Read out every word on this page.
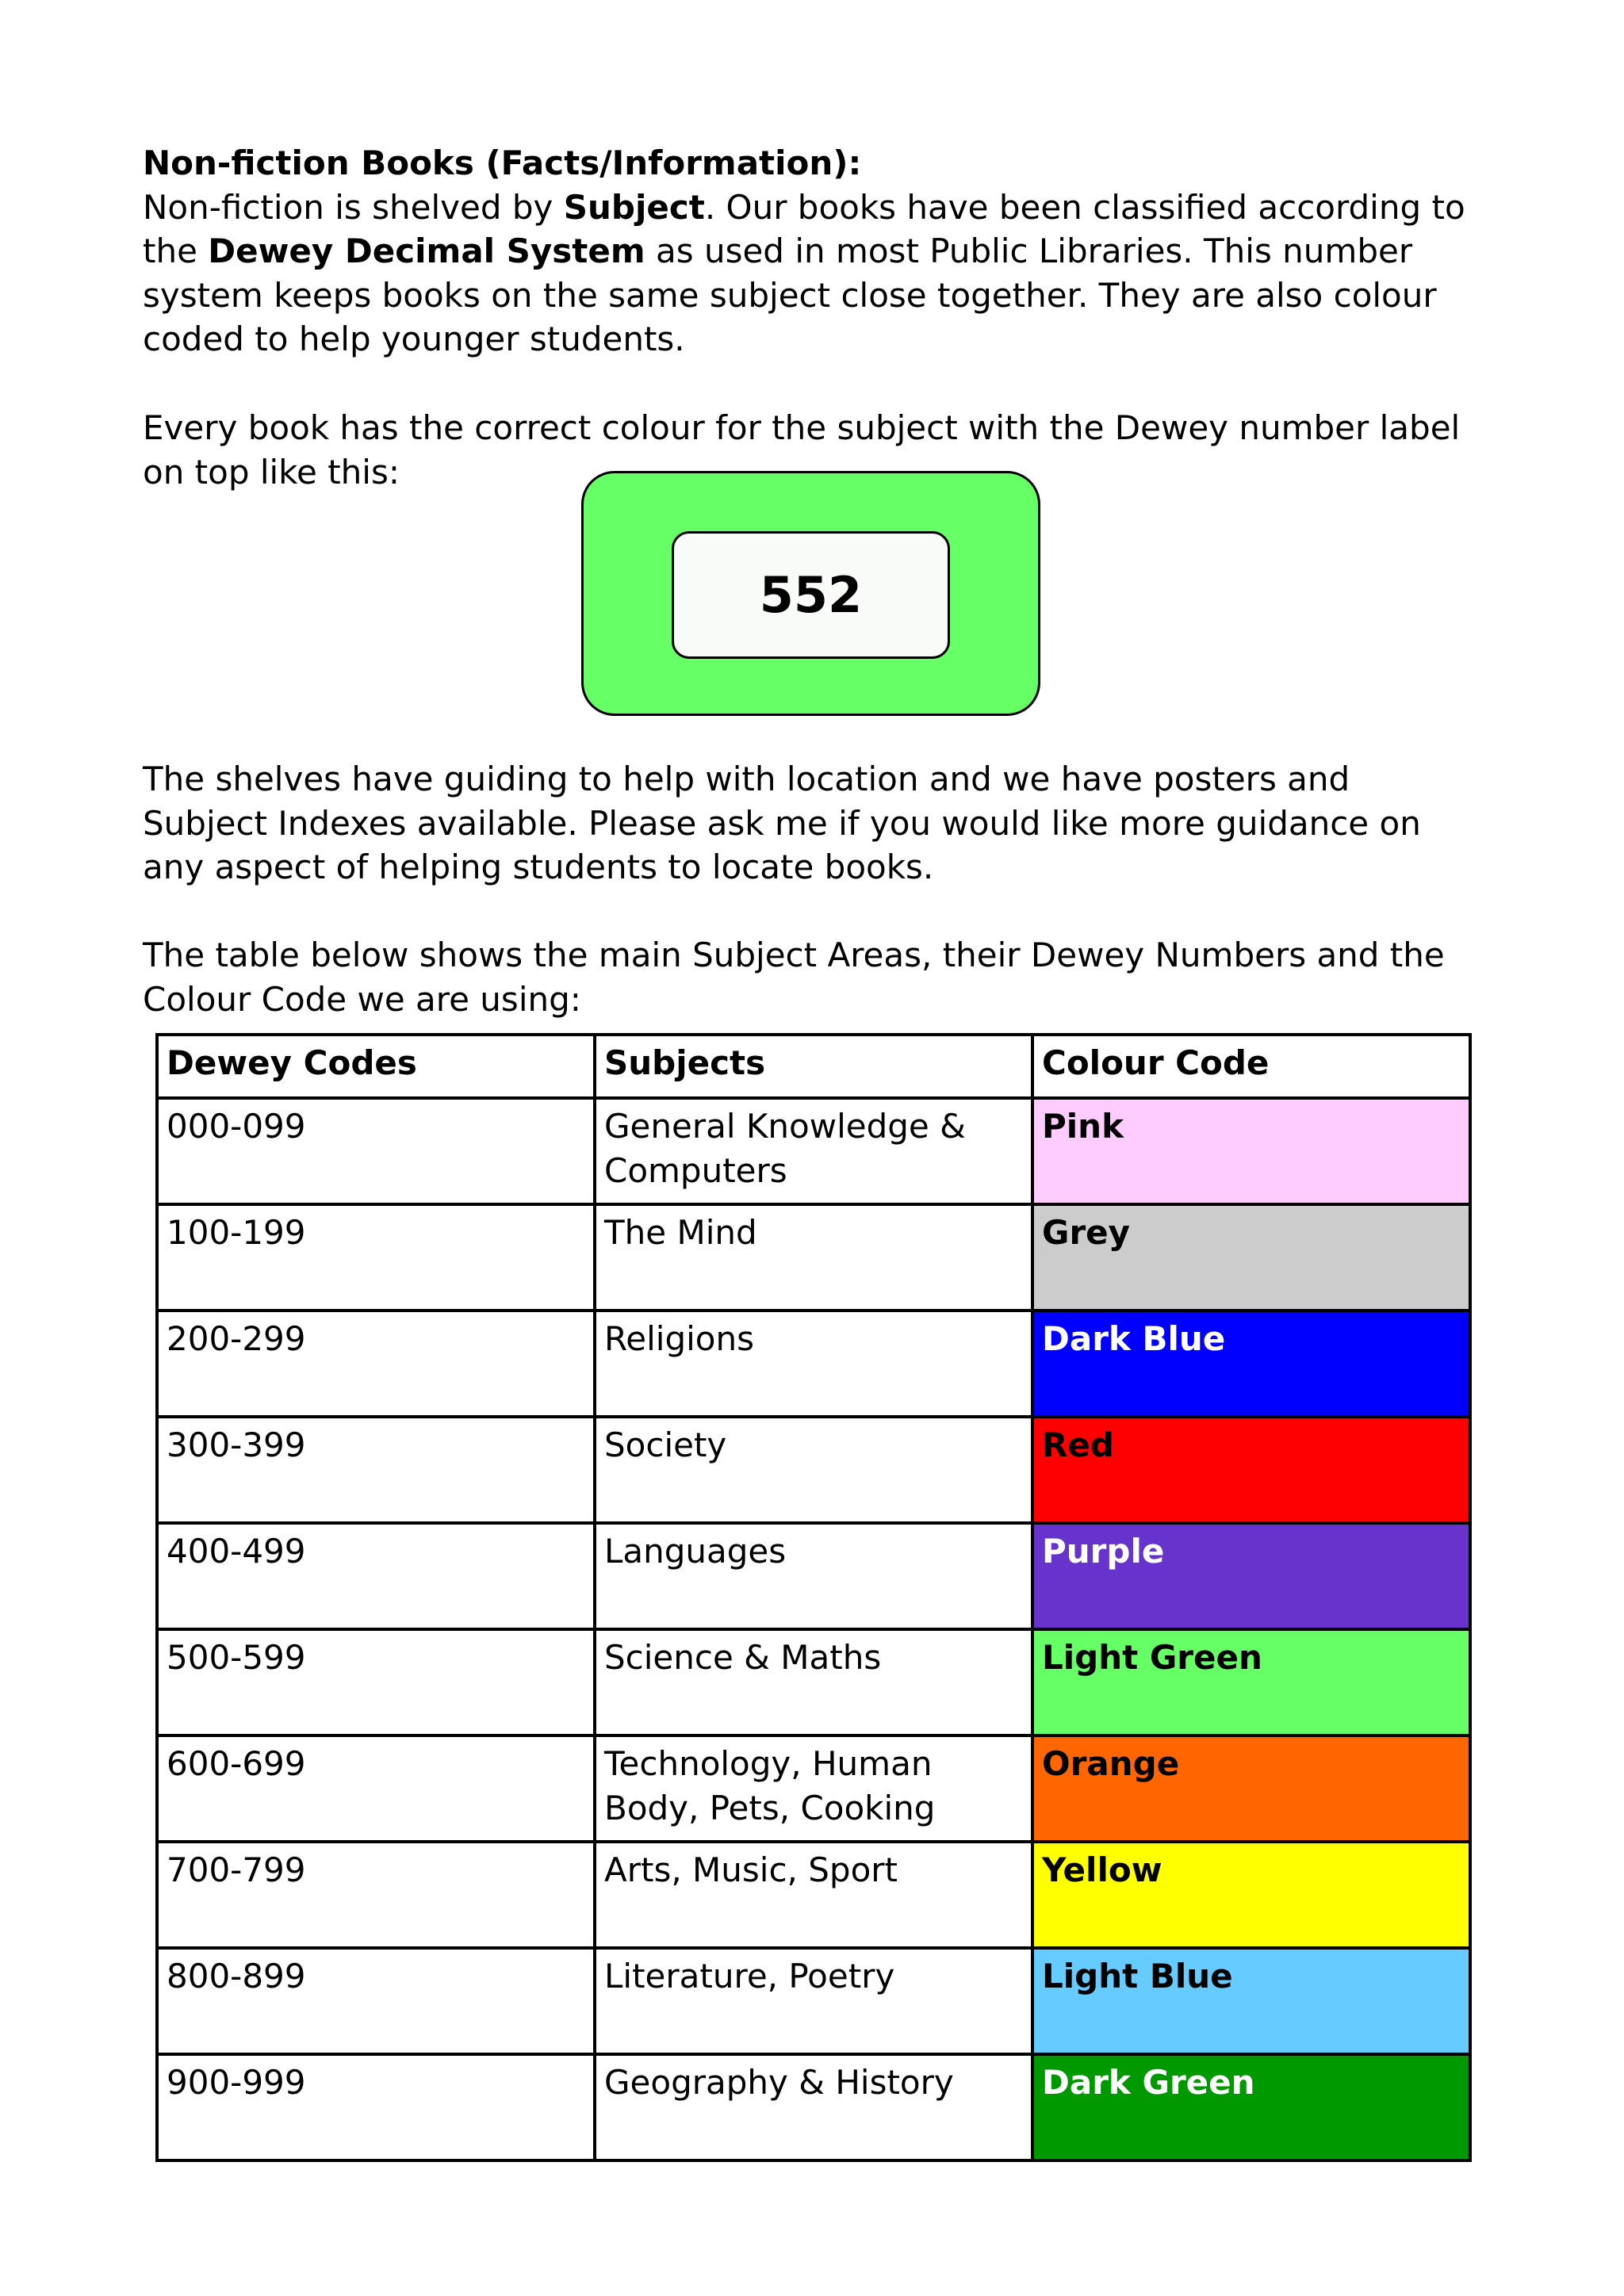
Non-fiction Books (Facts/Information):
Non-fiction is shelved by Subject. Our books have been classified according to the Dewey Decimal System as used in most Public Libraries. This number system keeps books on the same subject close together. They are also colour coded to help younger students.

Every book has the correct colour for the subject with the Dewey number label on top like this:

552

The shelves have guiding to help with location and we have posters and Subject Indexes available. Please ask me if you would like more guidance on any aspect of helping students to locate books.

The table below shows the main Subject Areas, their Dewey Numbers and the Colour Code we are using:

Dewey Codes	Subjects	Colour Code
000-099	General Knowledge & Computers	Pink
100-199	The Mind	Grey
200-299	Religions	Dark Blue
300-399	Society	Red
400-499	Languages	Purple
500-599	Science & Maths	Light Green
600-699	Technology, Human Body, Pets, Cooking	Orange
700-799	Arts, Music, Sport	Yellow
800-899	Literature, Poetry	Light Blue
900-999	Geography & History	Dark Green
